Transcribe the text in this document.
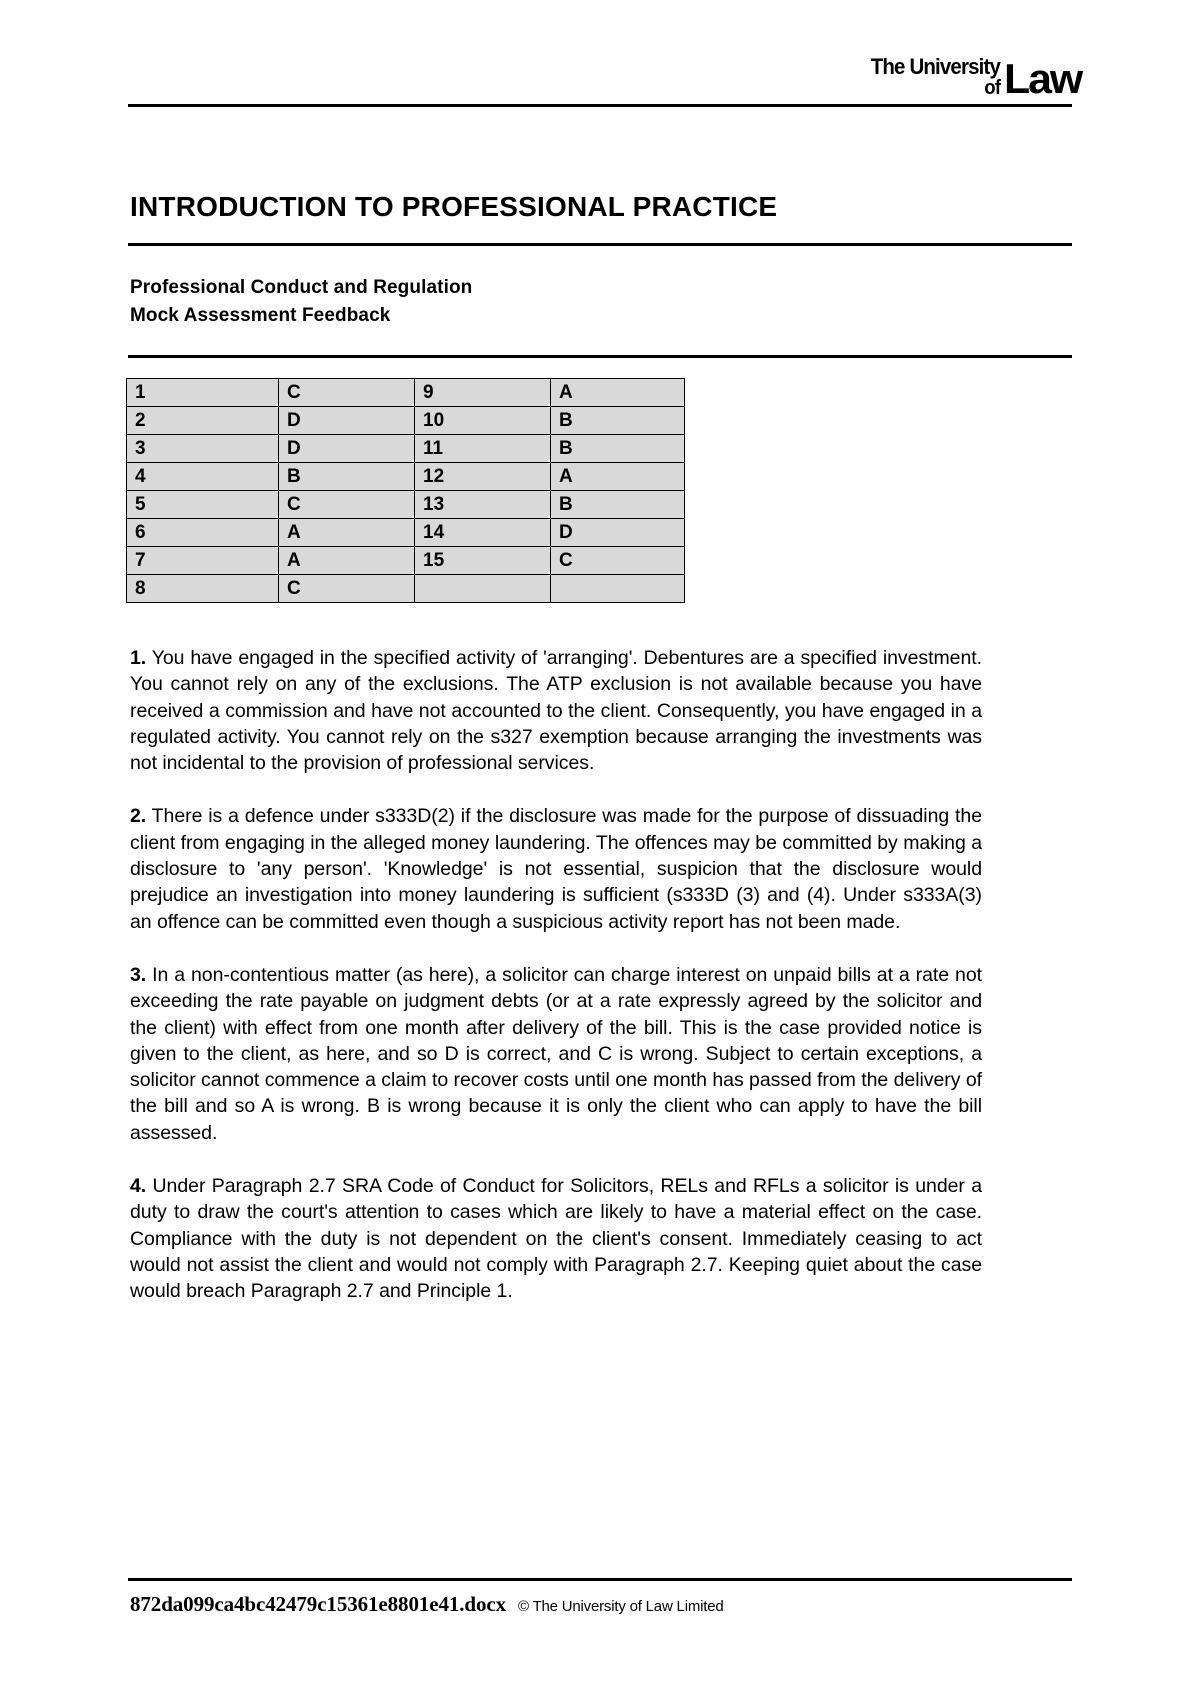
The University
of Law
INTRODUCTION TO PROFESSIONAL PRACTICE
Professional Conduct and Regulation
Mock Assessment Feedback
1	C	9	A
2	D	10	B
3	D	11	B
4	B	12	A
5	C	13	B
6	A	14	D
7	A	15	C
8	C		

1. You have engaged in the specified activity of 'arranging'. Debentures are a specified investment. You cannot rely on any of the exclusions. The ATP exclusion is not available because you have received a commission and have not accounted to the client. Consequently, you have engaged in a regulated activity. You cannot rely on the s327 exemption because arranging the investments was not incidental to the provision of professional services.

2. There is a defence under s333D(2) if the disclosure was made for the purpose of dissuading the client from engaging in the alleged money laundering. The offences may be committed by making a disclosure to 'any person'. 'Knowledge' is not essential, suspicion that the disclosure would prejudice an investigation into money laundering is sufficient (s333D (3) and (4). Under s333A(3) an offence can be committed even though a suspicious activity report has not been made.

3. In a non-contentious matter (as here), a solicitor can charge interest on unpaid bills at a rate not exceeding the rate payable on judgment debts (or at a rate expressly agreed by the solicitor and the client) with effect from one month after delivery of the bill. This is the case provided notice is given to the client, as here, and so D is correct, and C is wrong. Subject to certain exceptions, a solicitor cannot commence a claim to recover costs until one month has passed from the delivery of the bill and so A is wrong. B is wrong because it is only the client who can apply to have the bill assessed.

4. Under Paragraph 2.7 SRA Code of Conduct for Solicitors, RELs and RFLs a solicitor is under a duty to draw the court's attention to cases which are likely to have a material effect on the case. Compliance with the duty is not dependent on the client's consent. Immediately ceasing to act would not assist the client and would not comply with Paragraph 2.7. Keeping quiet about the case would breach Paragraph 2.7 and Principle 1.

872da099ca4bc42479c15361e8801e41.docx © The University of Law Limited
